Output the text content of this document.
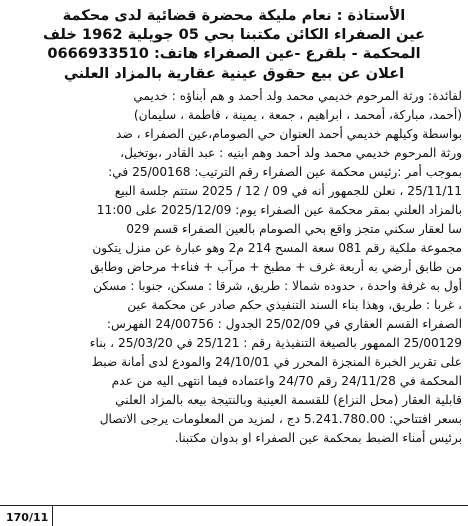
الأستاذة : نعام مليكة محضرة قضائية لدى محكمة
عين الصفراء الكائن مكتبنا بحي 05 جويلية 1962 خلف
المحكمة - بلقرع -عين الصفراء هاتف: 0666933510
اعلان عن بيع حقوق عينية عقارية بالمزاد العلني
لفائدة: ورثة المرحوم خديمي محمد ولد أحمد و هم أبناؤه : خديمي
(أحمد، مباركة، أمحمد ، ابراهيم ، جمعة ، يمينة ، فاطمة ، سليمان)
بواسطة وكيلهم خديمي أحمد العنوان حي الصومام،عين الصفراء ، ضد
ورثة المرحوم خديمي محمد ولد أحمد وهم ابنيه : عبد القادر ،بوتخيل،
بموجب أمر :رئيس محكمة عين الصفراء رقم الترتيب: 25/00168 في:
25/11/11 ، نعلن للجمهور أنه في 09 / 12 / 2025 ستتم جلسة البيع
بالمزاد العلني بمقر محكمة عين الصفراء يوم: 2025/12/09 على 11:00
سا لعقار سكني متجز واقع بحي الصومام بالعين الصفراء قسم 029
مجموعة ملكية رقم 081 سعة المسح 214 م2 وهو عبارة عن منزل يتكون
من طابق أرضي به أربعة غرف + مطبخ + مرآب + فناء+ مرحاض وطابق
أول به غرفة واحدة ، حدوده شمالا : طريق، شرقا : مسكن، جنوبا : مسكن
، غربا : طريق، وهذا بناء السند التنفيذي حكم صادر عن محكمة عين
الصفراء القسم العقاري في 25/02/09 الجدول : 24/00756 الفهرس:
25/00129 الممهور بالصيغة التنفيذية رقم : 25/121 في 25/03/20 ، بناء
على تقرير الخبرة المنجزة المحرر في 24/10/01 والمودع لدى أمانة ضبط
المحكمة في 24/11/28 رقم 24/70 واعتماده فيما انتهى اليه من عدم
قابلية العقار (محل النزاع) للقسمة العينية وبالنتيجة بيعه بالمزاد العلني
بسعر افتتاحي: 5.241.780.00 دج ، لمزيد من المعلومات يرجى الاتصال
برئيس أمناء الضبط بمحكمة عين الصفراء او بدوان مكتبنا.
170/11
